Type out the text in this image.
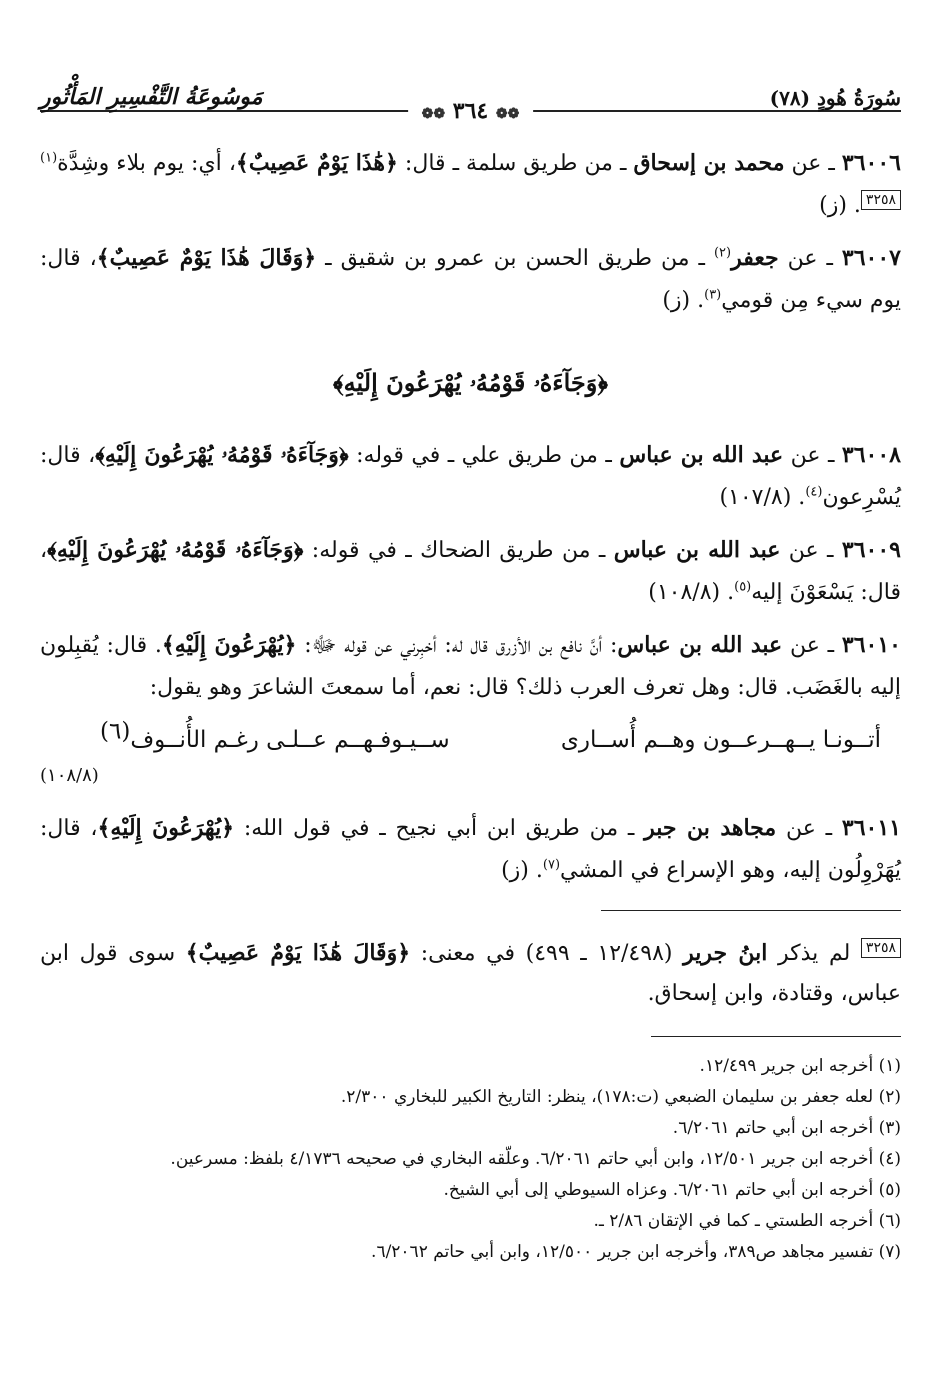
سُورَةُ هُودٍ (٧٨)
مَوسُوعَةُ التَّفْسِيرِ المَأْثُورِ
❁❁ ٣٦٤ ❁❁

٣٦٠٠٦ ـ عن محمد بن إسحاق ـ من طريق سلمة ـ قال: ﴿هَٰذَا يَوْمٌ عَصِيبٌ﴾، أي: يوم بلاء وشِدَّة$^{(١)}$٣٢٥٨. (ز)

٣٦٠٠٧ ـ عن جعفر$^{(٢)}$ ـ من طريق الحسن بن عمرو بن شقيق ـ ﴿وَقَالَ هَٰذَا يَوْمٌ عَصِيبٌ﴾، قال: يوم سيء مِن قومي$^{(٣)}$. (ز)

﴿وَجَآءَهُۥ قَوْمُهُۥ يُهْرَعُونَ إِلَيْهِ﴾

٣٦٠٠٨ ـ عن عبد الله بن عباس ـ من طريق علي ـ في قوله: ﴿وَجَآءَهُۥ قَوْمُهُۥ يُهْرَعُونَ إِلَيْهِ﴾، قال: يُسْرِعون$^{(٤)}$. (١٠٧/٨)

٣٦٠٠٩ ـ عن عبد الله بن عباس ـ من طريق الضحاك ـ في قوله: ﴿وَجَآءَهُۥ قَوْمُهُۥ يُهْرَعُونَ إِلَيْهِ﴾، قال: يَسْعَوْنَ إليه$^{(٥)}$. (١٠٨/٨)

٣٦٠١٠ ـ عن عبد الله بن عباس: أنَّ نافع بن الأزرق قال له: أخبِرني عن قوله ﷻ: ﴿يُهْرَعُونَ إِلَيْهِ﴾. قال: يُقبِلون إليه بالغَضَب. قال: وهل تعرف العرب ذلك؟ قال: نعم، أما سمعتَ الشاعرَ وهو يقول:

أتــونـا يــهــرعــون وهــم أُســارى
ســيـوفـهــم عــلـى رغـم الأُنــوف(٦)
(١٠٨/٨)

٣٦٠١١ ـ عن مجاهد بن جبر ـ من طريق ابن أبي نجيح ـ في قول الله: ﴿يُهْرَعُونَ إِلَيْهِ﴾، قال: يُهَرْوِلُون إليه، وهو الإسراع في المشي$^{(٧)}$. (ز)

٣٢٥٨ لم يذكر ابنُ جرير (١٢/٤٩٨ ـ ٤٩٩) في معنى: ﴿وَقَالَ هَٰذَا يَوْمٌ عَصِيبٌ﴾ سوى قول ابن عباس، وقتادة، وابن إسحاق.

(١) أخرجه ابن جرير ١٢/٤٩٩.

(٢) لعله جعفر بن سليمان الضبعي (ت:١٧٨)، ينظر: التاريخ الكبير للبخاري ٢/٣٠٠.

(٣) أخرجه ابن أبي حاتم ٦/٢٠٦١.

(٤) أخرجه ابن جرير ١٢/٥٠١، وابن أبي حاتم ٦/٢٠٦١. وعلّقه البخاري في صحيحه ٤/١٧٣٦ بلفظ: مسرعين.

(٥) أخرجه ابن أبي حاتم ٦/٢٠٦١. وعزاه السيوطي إلى أبي الشيخ.

(٦) أخرجه الطستي ـ كما في الإتقان ٢/٨٦ ـ.

(٧) تفسير مجاهد ص٣٨٩، وأخرجه ابن جرير ١٢/٥٠٠، وابن أبي حاتم ٦/٢٠٦٢.
